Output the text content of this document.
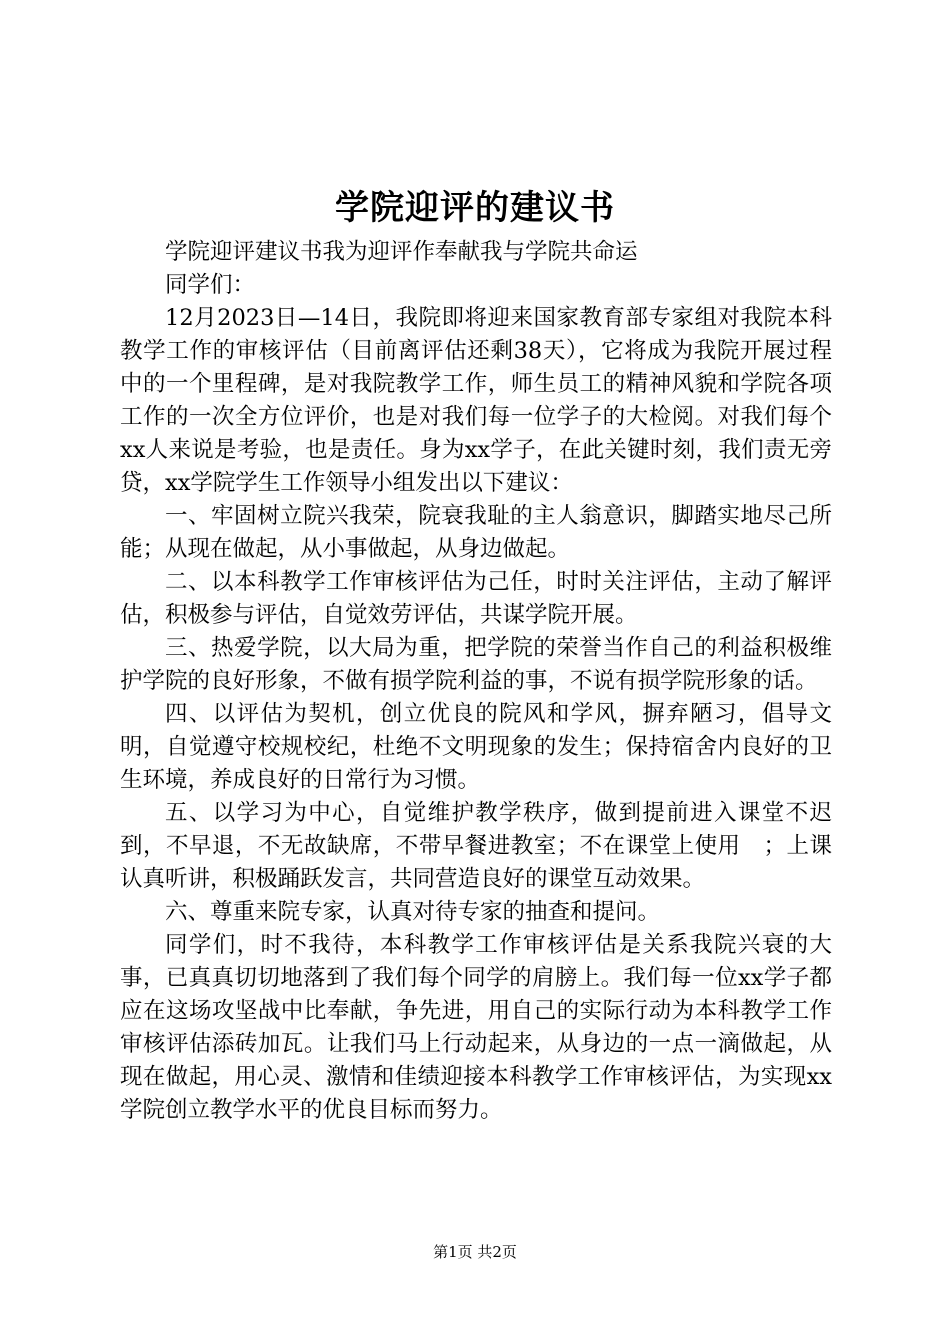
学院迎评的建议书

学院迎评建议书我为迎评作奉献我与学院共命运

同学们：

12月2023日—14日，我院即将迎来国家教育部专家组对我院本科教学工作的审核评估（目前离评估还剩38天），它将成为我院开展过程中的一个里程碑，是对我院教学工作，师生员工的精神风貌和学院各项工作的一次全方位评价，也是对我们每一位学子的大检阅。对我们每个xx人来说是考验，也是责任。身为xx学子，在此关键时刻，我们责无旁贷，xx学院学生工作领导小组发出以下建议：

一、牢固树立院兴我荣，院衰我耻的主人翁意识，脚踏实地尽己所能；从现在做起，从小事做起，从身边做起。

二、以本科教学工作审核评估为己任，时时关注评估，主动了解评估，积极参与评估，自觉效劳评估，共谋学院开展。

三、热爱学院，以大局为重，把学院的荣誉当作自己的利益积极维护学院的良好形象，不做有损学院利益的事，不说有损学院形象的话。

四、以评估为契机，创立优良的院风和学风，摒弃陋习，倡导文明，自觉遵守校规校纪，杜绝不文明现象的发生；保持宿舍内良好的卫生环境，养成良好的日常行为习惯。

五、以学习为中心，自觉维护教学秩序，做到提前进入课堂不迟到，不早退，不无故缺席，不带早餐进教室；不在课堂上使用　；上课认真听讲，积极踊跃发言，共同营造良好的课堂互动效果。

六、尊重来院专家，认真对待专家的抽查和提问。

同学们，时不我待，本科教学工作审核评估是关系我院兴衰的大事，已真真切切地落到了我们每个同学的肩膀上。我们每一位xx学子都应在这场攻坚战中比奉献，争先进，用自己的实际行动为本科教学工作审核评估添砖加瓦。让我们马上行动起来，从身边的一点一滴做起，从现在做起，用心灵、激情和佳绩迎接本科教学工作审核评估，为实现xx学院创立教学水平的优良目标而努力。

第1页 共2页
